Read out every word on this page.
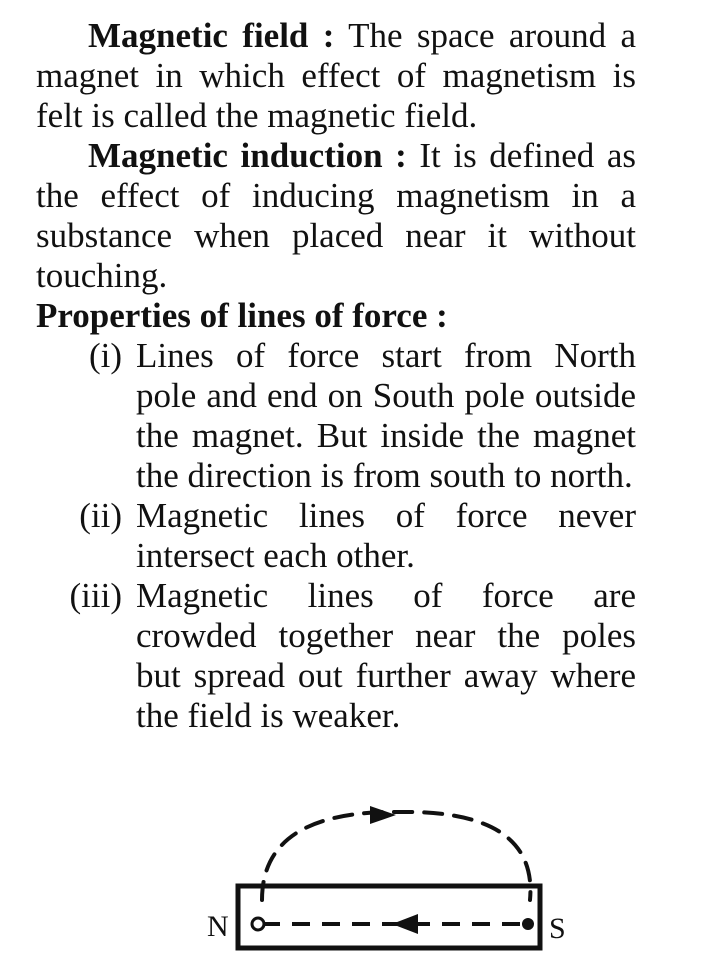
Magnetic field : The space around a magnet in which effect of magnetism is felt is called the magnetic field.

Magnetic induction : It is defined as the effect of inducing magnetism in a substance when placed near it without touching.

Properties of lines of force :

(i) Lines of force start from North pole and end on South pole outside the magnet. But inside the magnet the direction is from south to north.
(ii) Magnetic lines of force never intersect each other.
(iii) Magnetic lines of force are crowded together near the poles but spread out further away where the field is weaker.
N	S
